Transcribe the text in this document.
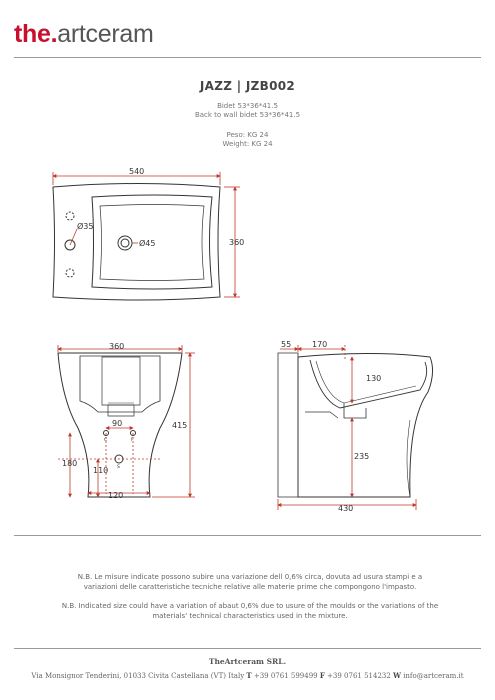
the.artceram
JAZZ | JZB002
Bidet 53*36*41.5
Back to wall bidet 53*36*41.5
Peso: KG 24
Weight: KG 24
540
360
Ø35
Ø45
360
90	415
180
110
120
C	F
S
55	170
130
235
430
N.B. Le misure indicate possono subire una variazione dell 0,6% circa, dovuta ad usura stampi e a variazioni delle caratteristiche tecniche relative alle materie prime che compongono l'impasto.
N.B. Indicated size could have a variation of abaut 0,6% due to usure of the moulds or the variations of the materials' technical characteristics used in the mixture.
TheArtceram SRL.
Via Monsignor Tenderini, 01033 Civita Castellana (VT) Italy T +39 0761 599499 F +39 0761 514232 W info@artceram.it
